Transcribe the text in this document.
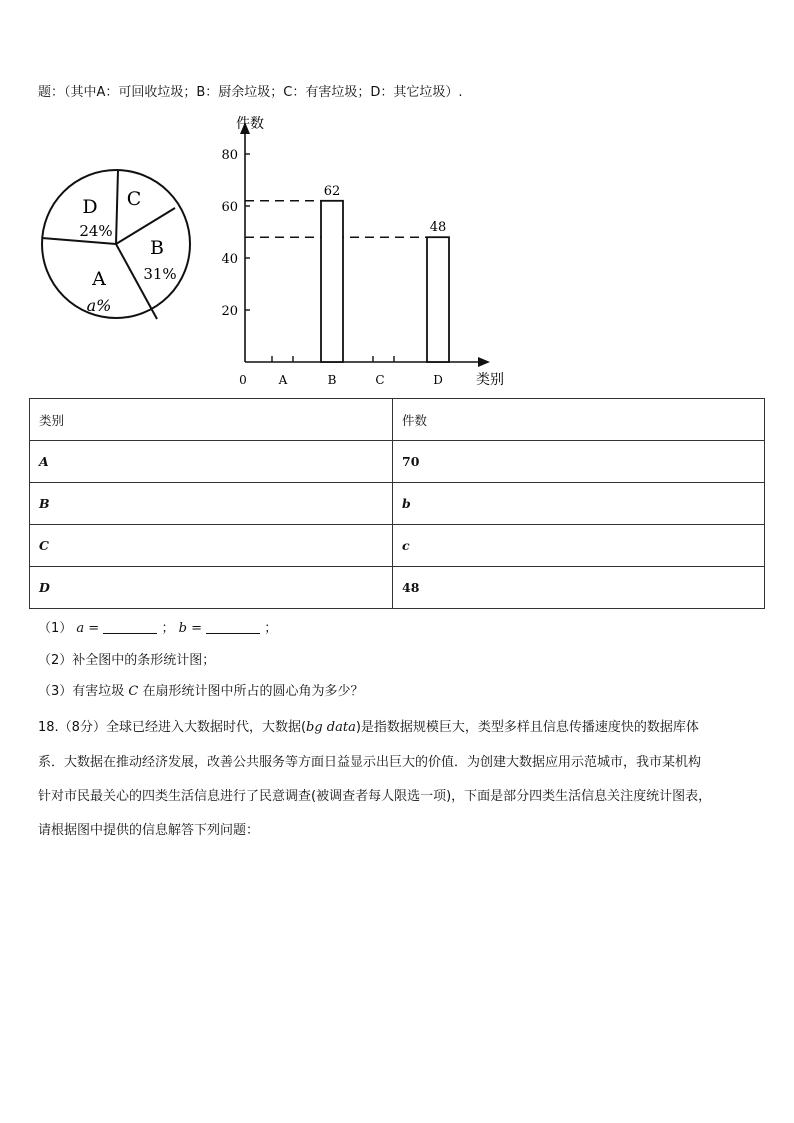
题：（其中A：可回收垃圾；B：厨余垃圾；C：有害垃圾；D：其它垃圾）.
D
24%
C
B
31%
A
a%
件数
类别
0
20
40
60
80
A	B	C	D
62
48
类别	件数
A	70
B	b
C	c
D	48
（1） a =	； b =	；
（2）补全图中的条形统计图；
（3）有害垃圾 C 在扇形统计图中所占的圆心角为多少？
18.（8分）全球已经进入大数据时代，大数据(bg data)是指数据规模巨大，类型多样且信息传播速度快的数据库体
系．大数据在推动经济发展，改善公共服务等方面日益显示出巨大的价值．为创建大数据应用示范城市，我市某机构
针对市民最关心的四类生活信息进行了民意调查(被调查者每人限选一项)，下面是部分四类生活信息关注度统计图表，
请根据图中提供的信息解答下列问题：
